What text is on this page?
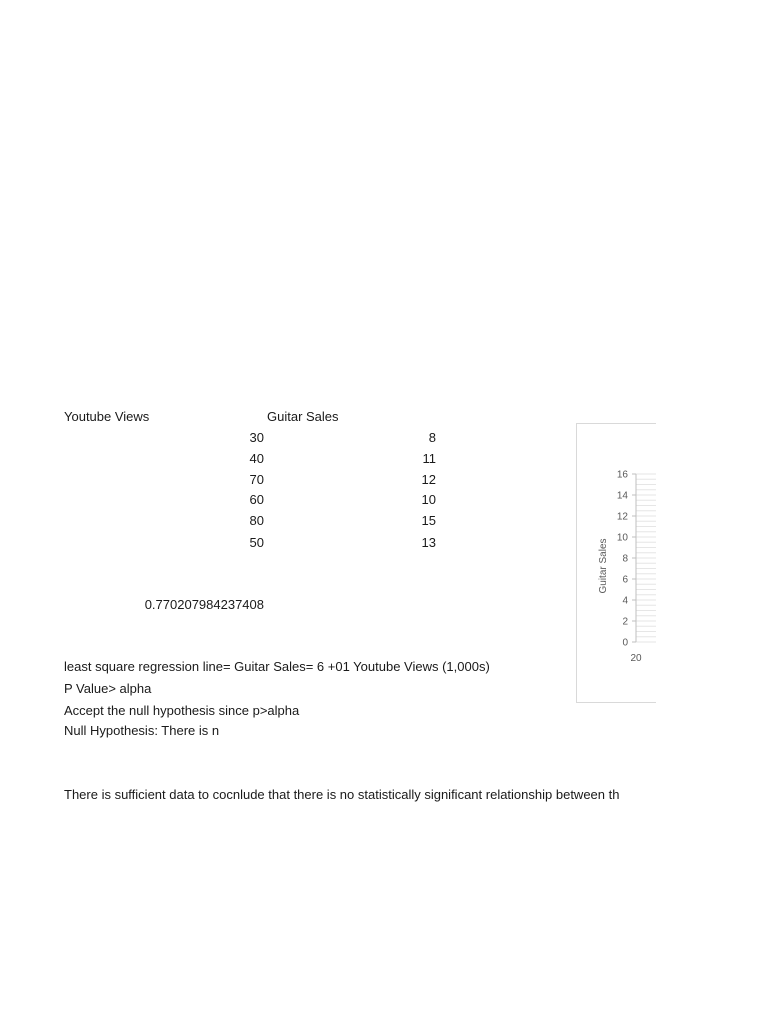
Youtube Views	Guitar Sales
30	8
40	11
70	12
60	10
80	15
50	13
0.770207984237408
least square regression line= Guitar Sales= 6 +01 Youtube Views (1,000s)
P Value> alpha
Accept the null hypothesis since p>alpha
Null Hypothesis: There is n
There is sufficient data to cocnlude that there is no statistically significant relationship between th
0
2
4
6
8
10
12
14
16
Guitar Sales
20
